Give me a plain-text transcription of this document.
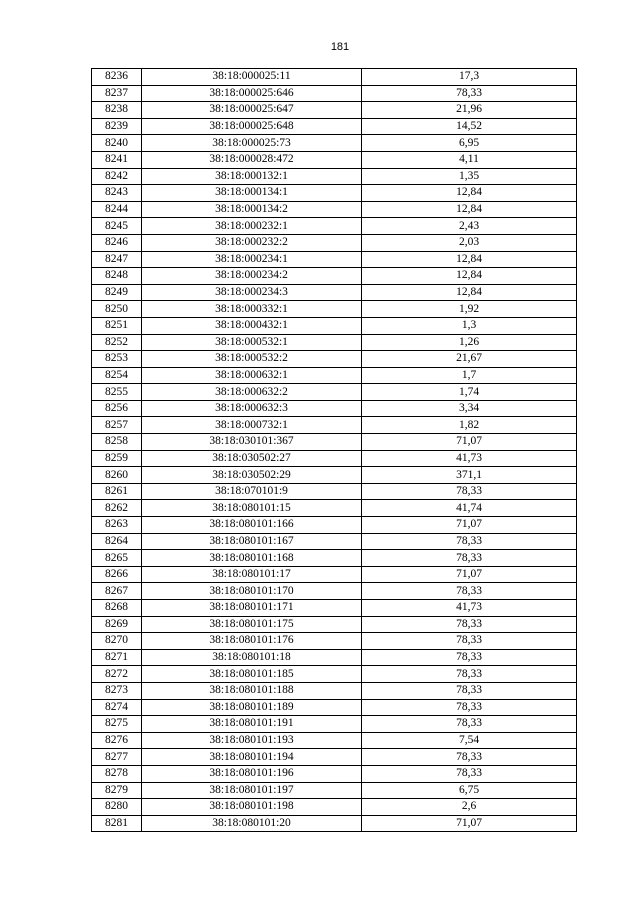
181
8236	38:18:000025:11	17,3
8237	38:18:000025:646	78,33
8238	38:18:000025:647	21,96
8239	38:18:000025:648	14,52
8240	38:18:000025:73	6,95
8241	38:18:000028:472	4,11
8242	38:18:000132:1	1,35
8243	38:18:000134:1	12,84
8244	38:18:000134:2	12,84
8245	38:18:000232:1	2,43
8246	38:18:000232:2	2,03
8247	38:18:000234:1	12,84
8248	38:18:000234:2	12,84
8249	38:18:000234:3	12,84
8250	38:18:000332:1	1,92
8251	38:18:000432:1	1,3
8252	38:18:000532:1	1,26
8253	38:18:000532:2	21,67
8254	38:18:000632:1	1,7
8255	38:18:000632:2	1,74
8256	38:18:000632:3	3,34
8257	38:18:000732:1	1,82
8258	38:18:030101:367	71,07
8259	38:18:030502:27	41,73
8260	38:18:030502:29	371,1
8261	38:18:070101:9	78,33
8262	38:18:080101:15	41,74
8263	38:18:080101:166	71,07
8264	38:18:080101:167	78,33
8265	38:18:080101:168	78,33
8266	38:18:080101:17	71,07
8267	38:18:080101:170	78,33
8268	38:18:080101:171	41,73
8269	38:18:080101:175	78,33
8270	38:18:080101:176	78,33
8271	38:18:080101:18	78,33
8272	38:18:080101:185	78,33
8273	38:18:080101:188	78,33
8274	38:18:080101:189	78,33
8275	38:18:080101:191	78,33
8276	38:18:080101:193	7,54
8277	38:18:080101:194	78,33
8278	38:18:080101:196	78,33
8279	38:18:080101:197	6,75
8280	38:18:080101:198	2,6
8281	38:18:080101:20	71,07
